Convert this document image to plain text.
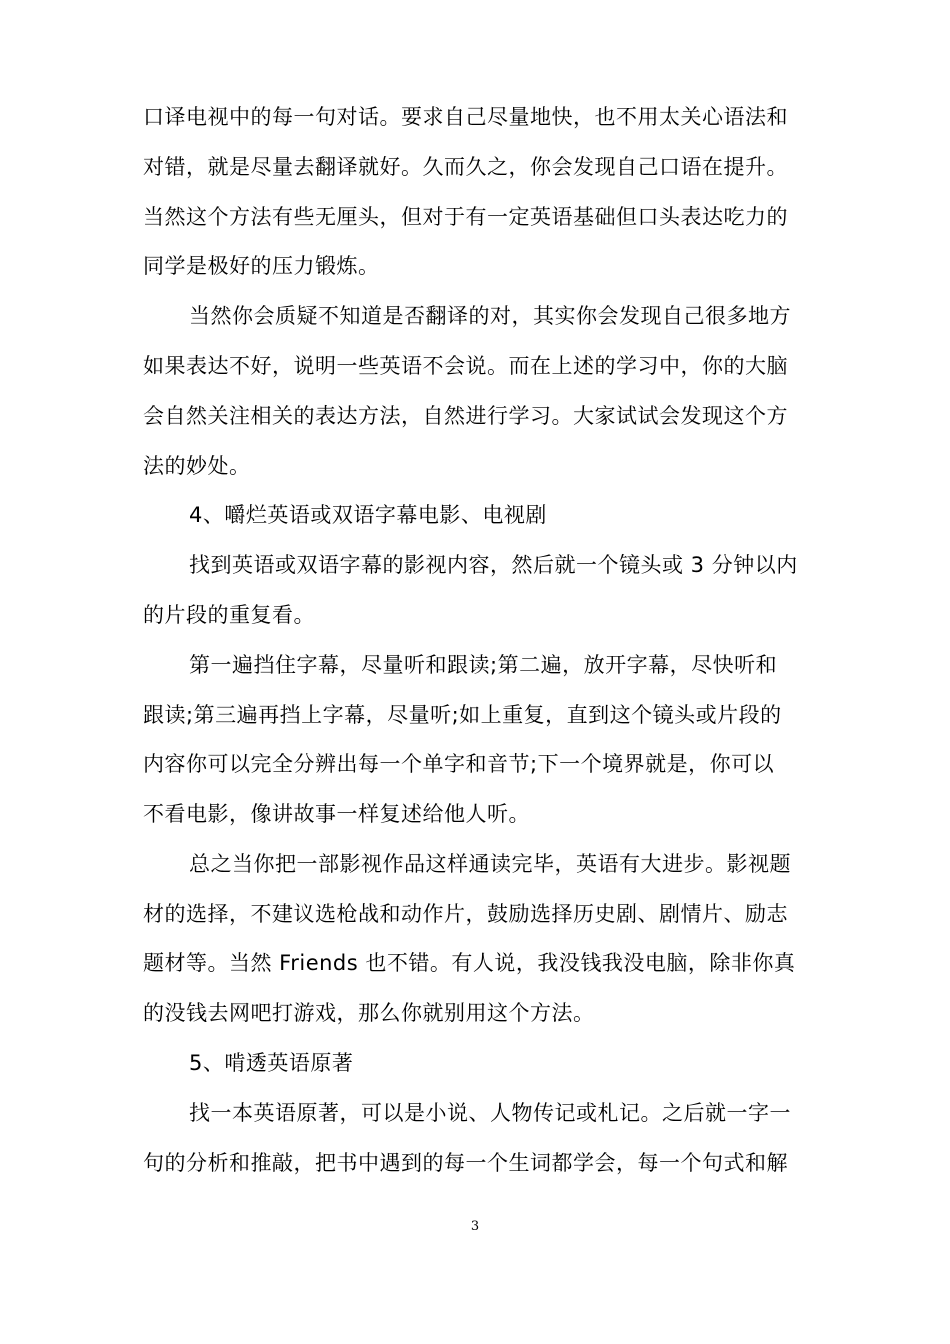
口译电视中的每一句对话。要求自己尽量地快，也不用太关心语法和
对错，就是尽量去翻译就好。久而久之，你会发现自己口语在提升。
当然这个方法有些无厘头，但对于有一定英语基础但口头表达吃力的
同学是极好的压力锻炼。
当然你会质疑不知道是否翻译的对，其实你会发现自己很多地方
如果表达不好，说明一些英语不会说。而在上述的学习中，你的大脑
会自然关注相关的表达方法，自然进行学习。大家试试会发现这个方
法的妙处。
4、嚼烂英语或双语字幕电影、电视剧
找到英语或双语字幕的影视内容，然后就一个镜头或 3 分钟以内
的片段的重复看。
第一遍挡住字幕，尽量听和跟读;第二遍，放开字幕，尽快听和
跟读;第三遍再挡上字幕，尽量听;如上重复，直到这个镜头或片段的
内容你可以完全分辨出每一个单字和音节;下一个境界就是，你可以
不看电影，像讲故事一样复述给他人听。
总之当你把一部影视作品这样通读完毕，英语有大进步。影视题
材的选择，不建议选枪战和动作片，鼓励选择历史剧、剧情片、励志
题材等。当然 Friends 也不错。有人说，我没钱我没电脑，除非你真
的没钱去网吧打游戏，那么你就别用这个方法。
5、啃透英语原著
找一本英语原著，可以是小说、人物传记或札记。之后就一字一
句的分析和推敲，把书中遇到的每一个生词都学会，每一个句式和解
3
